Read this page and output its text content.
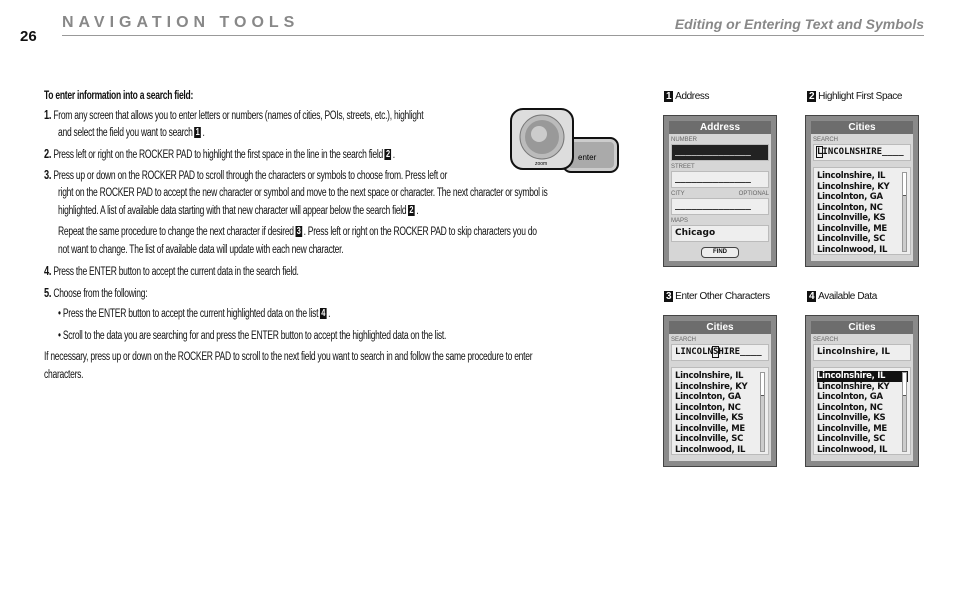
26
NAVIGATION TOOLS	Editing or Entering Text and Symbols
To enter information into a search field:
1. From any screen that allows you to enter letters or numbers (names of cities, POIs, streets, etc.), highlight
and select the field you want to search 1 .
2. Press left or right on the ROCKER PAD to highlight the first space in the line in the search field 2 .
3. Press up or down on the ROCKER PAD to scroll through the characters or symbols to choose from. Press left or
right on the ROCKER PAD to accept the new character or symbol and move to the next space or character. The next character or symbol is
highlighted. A list of available data starting with that new character will appear below the search field 2 .
Repeat the same procedure to change the next character if desired 3 . Press left or right on the ROCKER PAD to skip characters you do
not want to change. The list of available data will update with each new character.
4. Press the ENTER button to accept the current data in the search field.
5. Choose from the following:
• Press the ENTER button to accept the current highlighted data on the list 4 .
• Scroll to the data you are searching for and press the ENTER button to accept the highlighted data on the list.
If necessary, press up or down on the ROCKER PAD to scroll to the next field you want to search in and follow the same procedure to enter
characters.
enter
zoom
1 Address
Address
NUMBER
______________
STREET
______________
CITY	OPTIONAL
______________
MAPS
Chicago
FIND
2 Highlight First Space
Cities
SEARCH
LINCOLNSHIRE____
Lincolnshire, IL
Lincolnshire, KY
Lincolnton, GA
Lincolnton, NC
Lincolnville, KS
Lincolnville, ME
Lincolnville, SC
Lincolnwood, IL
3 Enter Other Characters
Cities
SEARCH
LINCOLNSHIRE____
Lincolnshire, IL
Lincolnshire, KY
Lincolnton, GA
Lincolnton, NC
Lincolnville, KS
Lincolnville, ME
Lincolnville, SC
Lincolnwood, IL
4 Available Data
Cities
SEARCH
Lincolnshire, IL
Lincolnshire, IL
Lincolnshire, KY
Lincolnton, GA
Lincolnton, NC
Lincolnville, KS
Lincolnville, ME
Lincolnville, SC
Lincolnwood, IL
